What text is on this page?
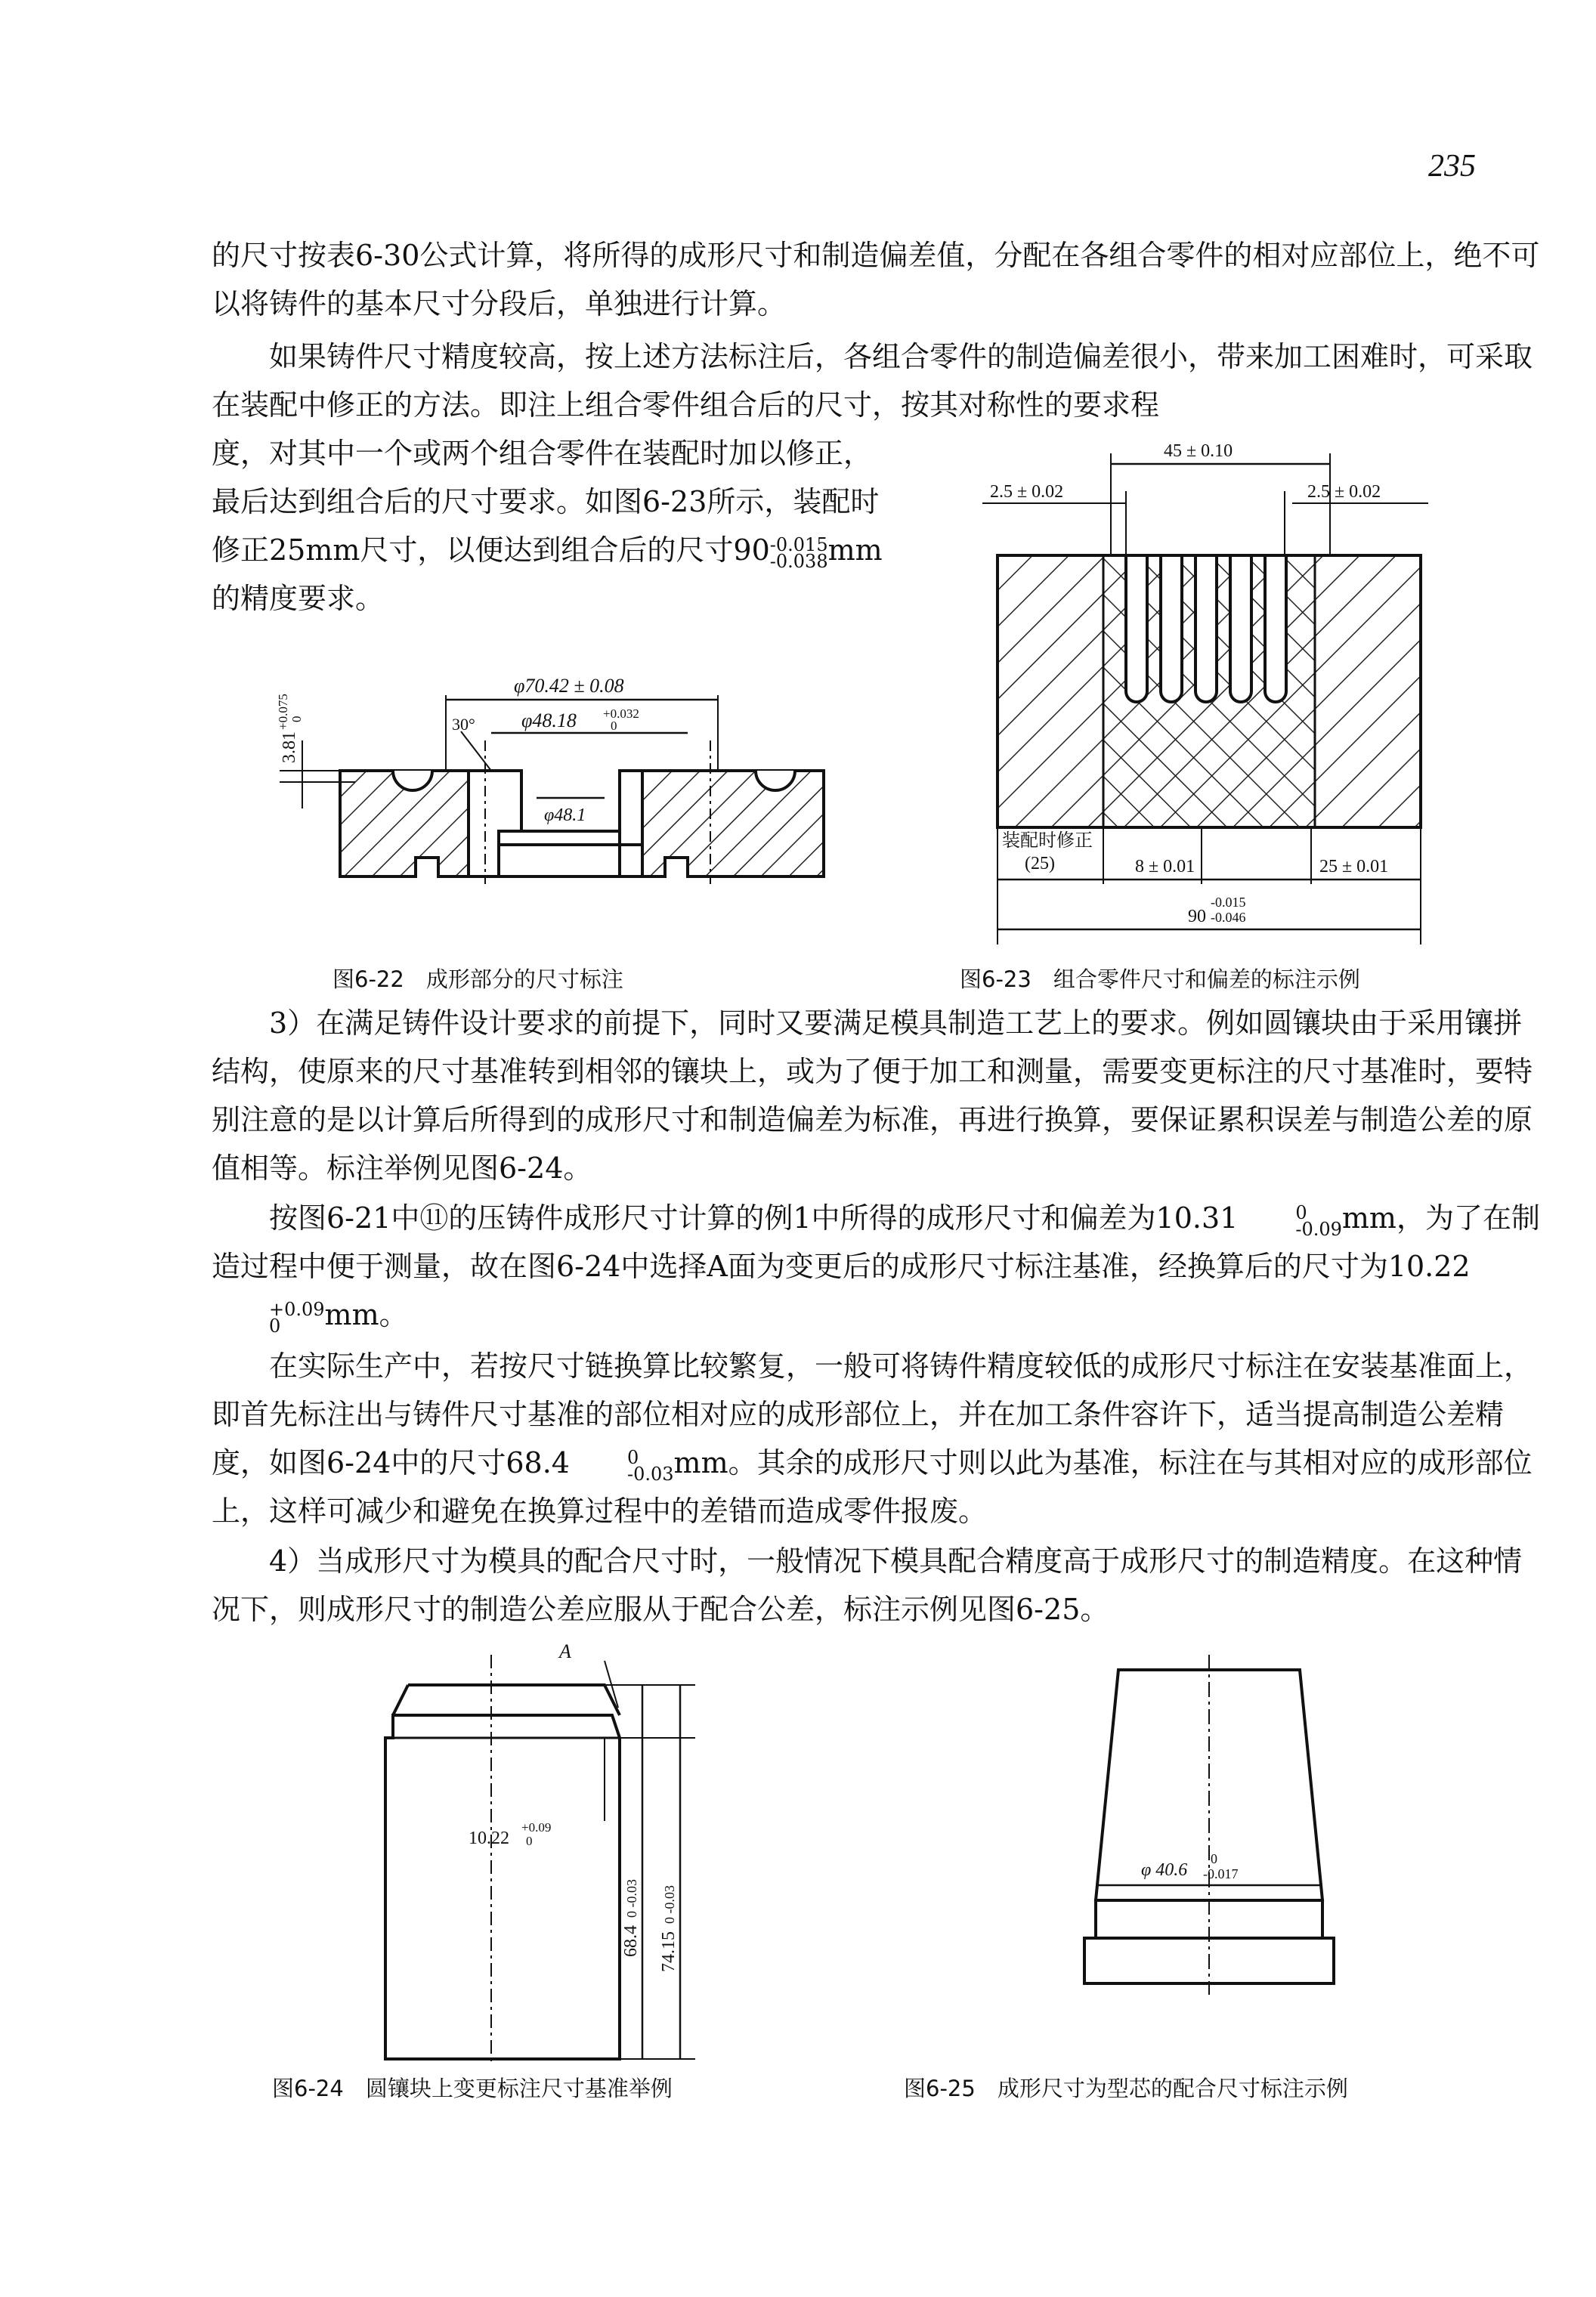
235
的尺寸按表6-30公式计算，将所得的成形尺寸和制造偏差值，分配在各组合零件的相对应部位上，绝不可以将铸件的基本尺寸分段后，单独进行计算。
如果铸件尺寸精度较高，按上述方法标注后，各组合零件的制造偏差很小，带来加工困难时，可采取在装配中修正的方法。即注上组合零件组合后的尺寸，按其对称性的要求程
度，对其中一个或两个组合零件在装配时加以修正，最后达到组合后的尺寸要求。如图6-23所示，装配时修正25mm尺寸，以便达到组合后的尺寸90 -0.015
-0.038 mm的精度要求。
φ70.42 ± 0.08
φ48.18 +0.032
0
φ48.1
30°
3.81
+0.075 0
45 ± 0.10
2.5 ± 0.02	2.5 ± 0.02
装配时修正
(25)	8 ± 0.01	25 ± 0.01
90
-0.015
-0.046
图6-22　成形部分的尺寸标注	图6-23　组合零件尺寸和偏差的标注示例
3）在满足铸件设计要求的前提下，同时又要满足模具制造工艺上的要求。例如圆镶块由于采用镶拼结构，使原来的尺寸基准转到相邻的镶块上，或为了便于加工和测量，需要变更标注的尺寸基准时，要特别注意的是以计算后所得到的成形尺寸和制造偏差为标准，再进行换算，要保证累积误差与制造公差的原值相等。标注举例见图6-24。
按图6-21中⑪的压铸件成形尺寸计算的例1中所得的成形尺寸和偏差为10.31	0
-0.09 mm，为了在制造过程中便于测量，故在图6-24中选择A面为变更后的成形尺寸标注基准，经换算后的尺寸为10.22
+0.09
0	mm。
在实际生产中，若按尺寸链换算比较繁复，一般可将铸件精度较低的成形尺寸标注在安装基准面上，即首先标注出与铸件尺寸基准的部位相对应的成形部位上，并在加工条件容许下，适当提高制造公差精度，如图6-24中的尺寸68.4	0
-0.03 mm。其余的成形尺寸则以此为基准，标注在与其相对应的成形部位上，这样可减少和避免在换算过程中的差错而造成零件报废。
4）当成形尺寸为模具的配合尺寸时，一般情况下模具配合精度高于成形尺寸的制造精度。在这种情况下，则成形尺寸的制造公差应服从于配合公差，标注示例见图6-25。
A
10.22
+0.09
0
68.4
0 -0.03
74.15
0 -0.03
φ 40.6
0
-0.017
图6-24　圆镶块上变更标注尺寸基准举例	图6-25　成形尺寸为型芯的配合尺寸标注示例
